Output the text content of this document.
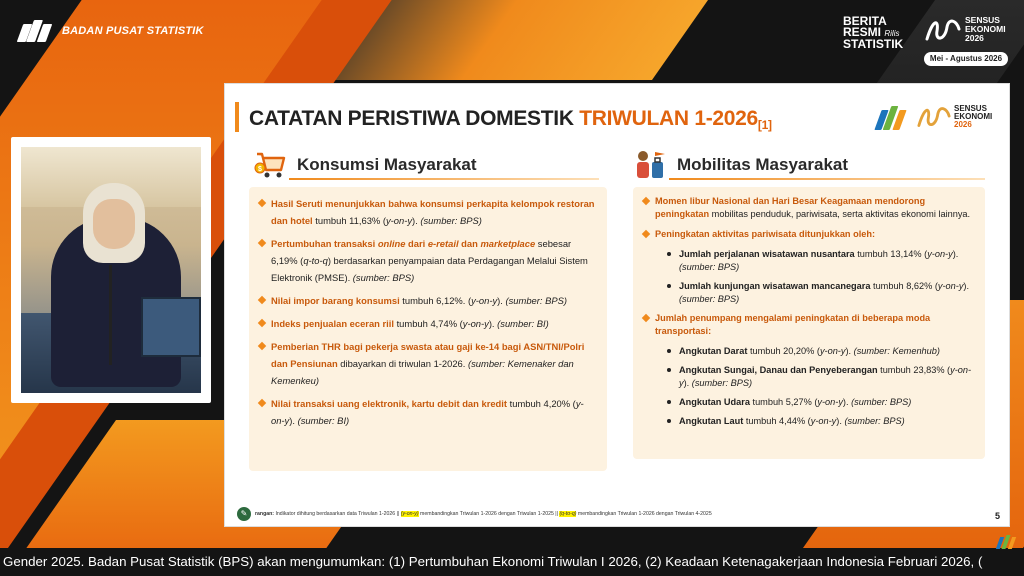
BADAN PUSAT STATISTIK
BERITA
RESMI Rilis
STATISTIK
SENSUS
EKONOMI
2026
Mei - Agustus 2026
CATATAN PERISTIWA DOMESTIK TRIWULAN 1-2026[1]
SENSUS
EKONOMI
2026
$ Konsumsi Masyarakat	Mobilitas Masyarakat
Hasil Seruti menunjukkan bahwa konsumsi perkapita kelompok restoran dan hotel tumbuh 11,63% (y-on-y). (sumber: BPS)
Pertumbuhan transaksi online dari e-retail dan marketplace sebesar 6,19% (q-to-q) berdasarkan penyampaian data Perdagangan Melalui Sistem Elektronik (PMSE). (sumber: BPS)
Nilai impor barang konsumsi tumbuh 6,12%. (y-on-y). (sumber: BPS)
Indeks penjualan eceran riil tumbuh 4,74% (y-on-y). (sumber: BI)
Pemberian THR bagi pekerja swasta atau gaji ke-14 bagi ASN/TNI/Polri dan Pensiunan dibayarkan di triwulan 1-2026. (sumber: Kemenaker dan Kemenkeu)
Nilai transaksi uang elektronik, kartu debit dan kredit tumbuh 4,20% (y-on-y). (sumber: BI)
Momen libur Nasional dan Hari Besar Keagamaan mendorong peningkatan mobilitas penduduk, pariwisata, serta aktivitas ekonomi lainnya.
Peningkatan aktivitas pariwisata ditunjukkan oleh:
Jumlah perjalanan wisatawan nusantara tumbuh 13,14% (y-on-y). (sumber: BPS)
Jumlah kunjungan wisatawan mancanegara tumbuh 8,62% (y-on-y). (sumber: BPS)
Jumlah penumpang mengalami peningkatan di beberapa moda transportasi:
Angkutan Darat tumbuh 20,20% (y-on-y). (sumber: Kemenhub)
Angkutan Sungai, Danau dan Penyeberangan tumbuh 23,83% (y-on-y). (sumber: BPS)
Angkutan Udara tumbuh 5,27% (y-on-y). (sumber: BPS)
Angkutan Laut tumbuh 4,44% (y-on-y). (sumber: BPS)
✎	rangan: Indikator dihitung berdasarkan data Triwulan 1-2026 || (y-on-y) membandingkan Triwulan 1-2026 dengan Triwulan 1-2025 || (q-to-q) membandingkan Triwulan 1-2026 dengan Triwulan 4-2025	5
Gender 2025. Badan Pusat Statistik (BPS) akan mengumumkan: (1) Pertumbuhan Ekonomi Triwulan I 2026, (2) Keadaan Ketenagakerjaan Indonesia Februari 2026, (
